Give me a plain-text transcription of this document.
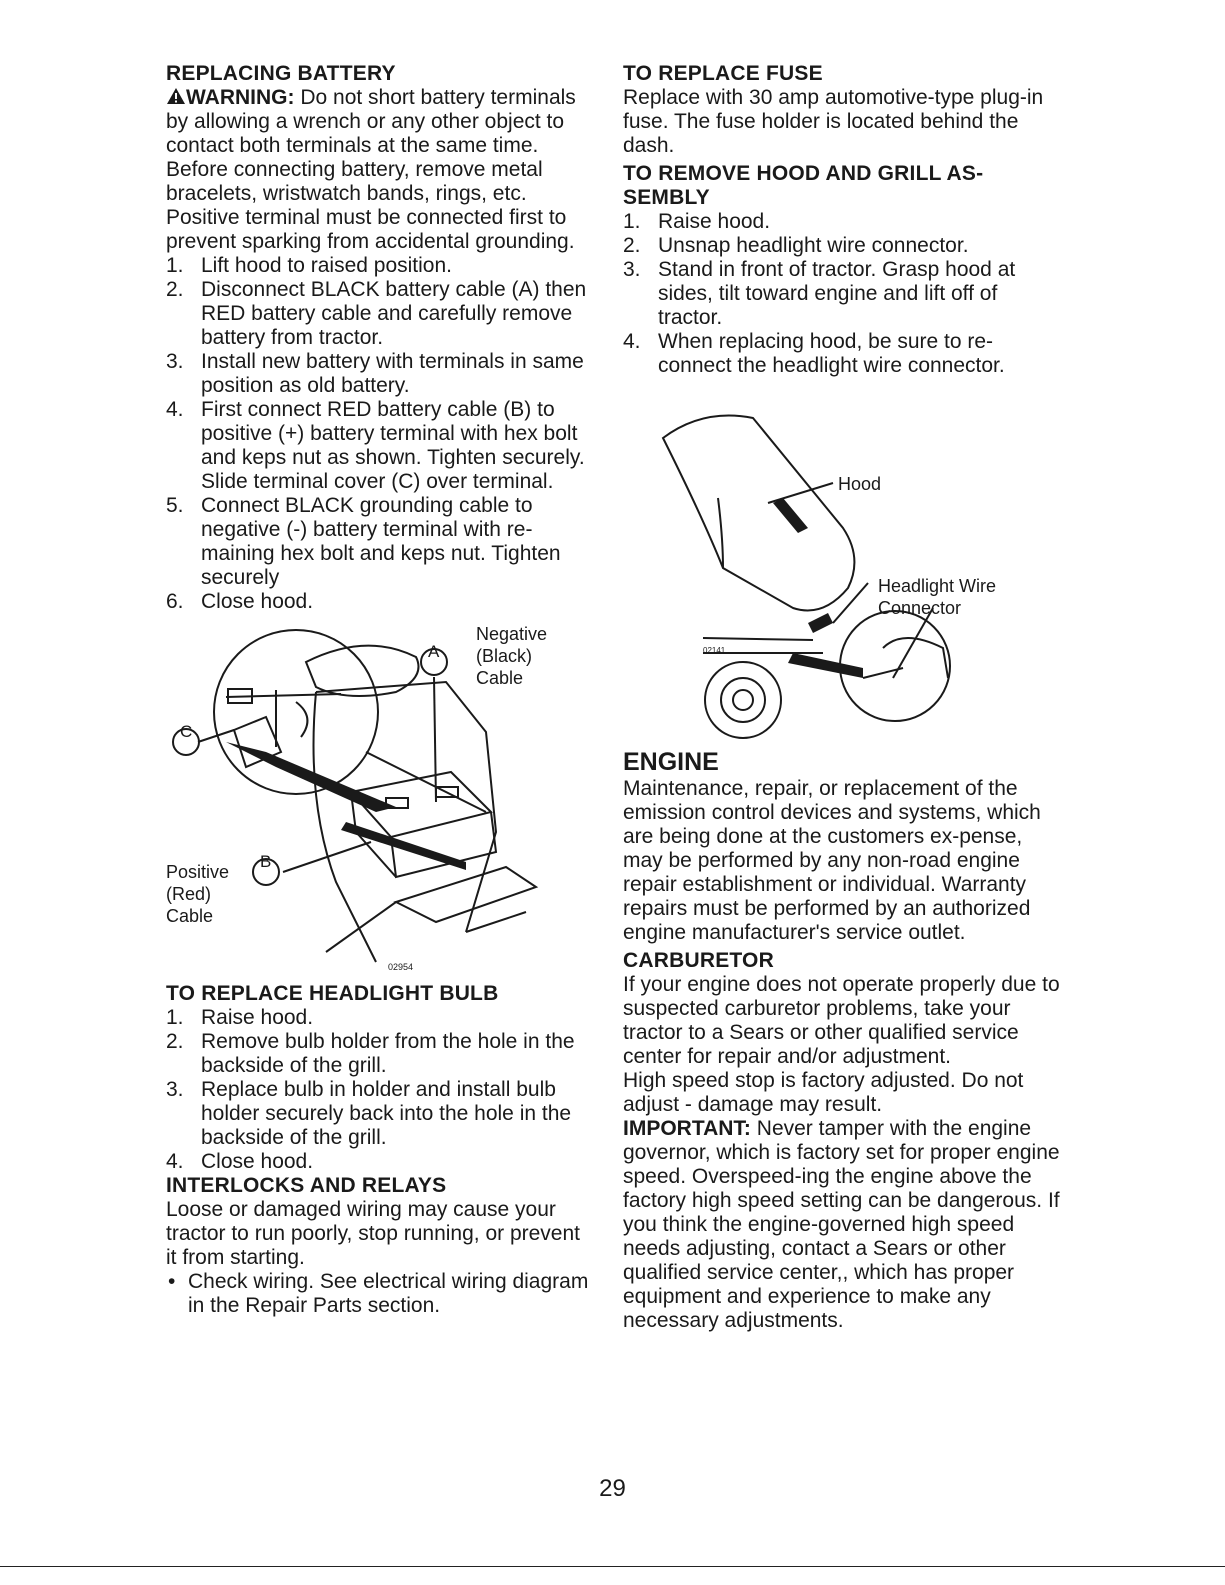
REPLACING BATTERY

WARNING: Do not short battery terminals by allowing a wrench or any other object to contact both terminals at the same time. Before connecting battery, remove metal bracelets, wristwatch bands, rings, etc.

Positive terminal must be connected first to prevent sparking from accidental grounding.

1. Lift hood to raised position.
2. Disconnect BLACK battery cable (A) then RED battery cable and carefully remove battery from tractor.
3. Install new battery with terminals in same position as old battery.
4. First connect RED battery cable (B) to positive (+) battery terminal with hex bolt and keps nut as shown. Tighten securely. Slide terminal cover (C) over terminal.
5. Connect BLACK grounding cable to negative (-) battery terminal with re-maining hex bolt and keps nut. Tighten securely
6. Close hood.
A
B
C
Negative
(Black)
Cable
Positive
(Red)
Cable
02954
TO REPLACE HEADLIGHT BULB
1. Raise hood.
2. Remove bulb holder from the hole in the backside of the grill.
3. Replace bulb in holder and install bulb holder securely back into the hole in the backside of the grill.
4. Close hood.
INTERLOCKS AND RELAYS

Loose or damaged wiring may cause your tractor to run poorly, stop running, or prevent it from starting.

• Check wiring. See electrical wiring diagram in the Repair Parts section.
TO REPLACE FUSE

Replace with 30 amp automotive-type plug-in fuse. The fuse holder is located behind the dash.

TO REMOVE HOOD AND GRILL AS-
SEMBLY
1. Raise hood.
2. Unsnap headlight wire connector.
3. Stand in front of tractor. Grasp hood at sides, tilt toward engine and lift off of tractor.
4. When replacing hood, be sure to re-connect the headlight wire connector.
Hood
Headlight Wire
Connector
02141
ENGINE

Maintenance, repair, or replacement of the emission control devices and systems, which are being done at the customers ex-pense, may be performed by any non-road engine repair establishment or individual. Warranty repairs must be performed by an authorized engine manufacturer's service outlet.

CARBURETOR

If your engine does not operate properly due to suspected carburetor problems, take your tractor to a Sears or other qualified service center for repair and/or adjustment.

High speed stop is factory adjusted. Do not adjust - damage may result.

IMPORTANT: Never tamper with the engine governor, which is factory set for proper engine speed. Overspeed-ing the engine above the factory high speed setting can be dangerous. If you think the engine-governed high speed needs adjusting, contact a Sears or other qualified service center,, which has proper equipment and experience to make any necessary adjustments.

29
